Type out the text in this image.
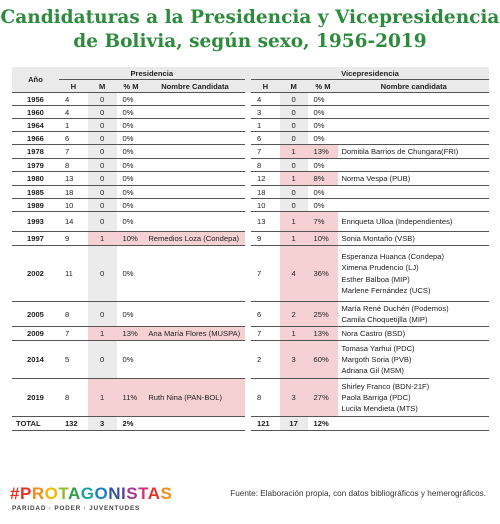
Candidaturas a la Presidencia y Vicepresidencia
de Bolivia, según sexo, 1956-2019
Año	Presidencia					Vicepresidencia			
	H	M	% M	Nombre Candidata		H	M	% M	Nombre candidata
1956	4	0	0%			4	0	0%	
1960	4	0	0%			3	0	0%	
1964	1	0	0%			1	0	0%	
1966	6	0	0%			6	0	0%	
1978	7	0	0%			7	1	13%	Domitila Barrios de Chungara(FRI)

1979	8	0	0%			8	0	0%	
1980	13	0	0%			12	1	8%	Norma Vespa (PUB)

1985	18	0	0%			18	0	0%	
1989	10	0	0%			10	0	0%	
1993	14	0	0%			13	1	7%	Enriqueta Ulloa (Independientes)

1997	9	1	10%	Remedios Loza (Condepa)		9	1	10%	Sonia Montaño (VSB)

2002	11	0	0%			7	4	36%	Esperanza Huanca (Condepa)
Ximena Prudencio (LJ)
Esther Balboa (MIP)
Marlene Fernández (UCS)

2005	8	0	0%			6	2	25%	María René Duchén (Podemos)
Camila Choquetijlla (MIP)

2009	7	1	13%	Ana María Flores (MUSPA)		7	1	13%	Nora Castro (BSD)

2014	5	0	0%			2	3	60%	Tomasa Yarhui (PDC)
Margoth Soria (PVB)
Adriana Gil (MSM)

2019	8	1	11%	Ruth Nina (PAN-BOL)		8	3	27%	Shirley Franco (BDN-21F)
Paola Barriga (PDC)
Lucila Mendieta (MTS)

TOTAL	132	3	2%			121	17	12%	
#PROTAGONISTAS
PARIDAD · PODER · JUVENTUDES
Fuente: Elaboración propia, con datos bibliográficos y hemerográficos.
